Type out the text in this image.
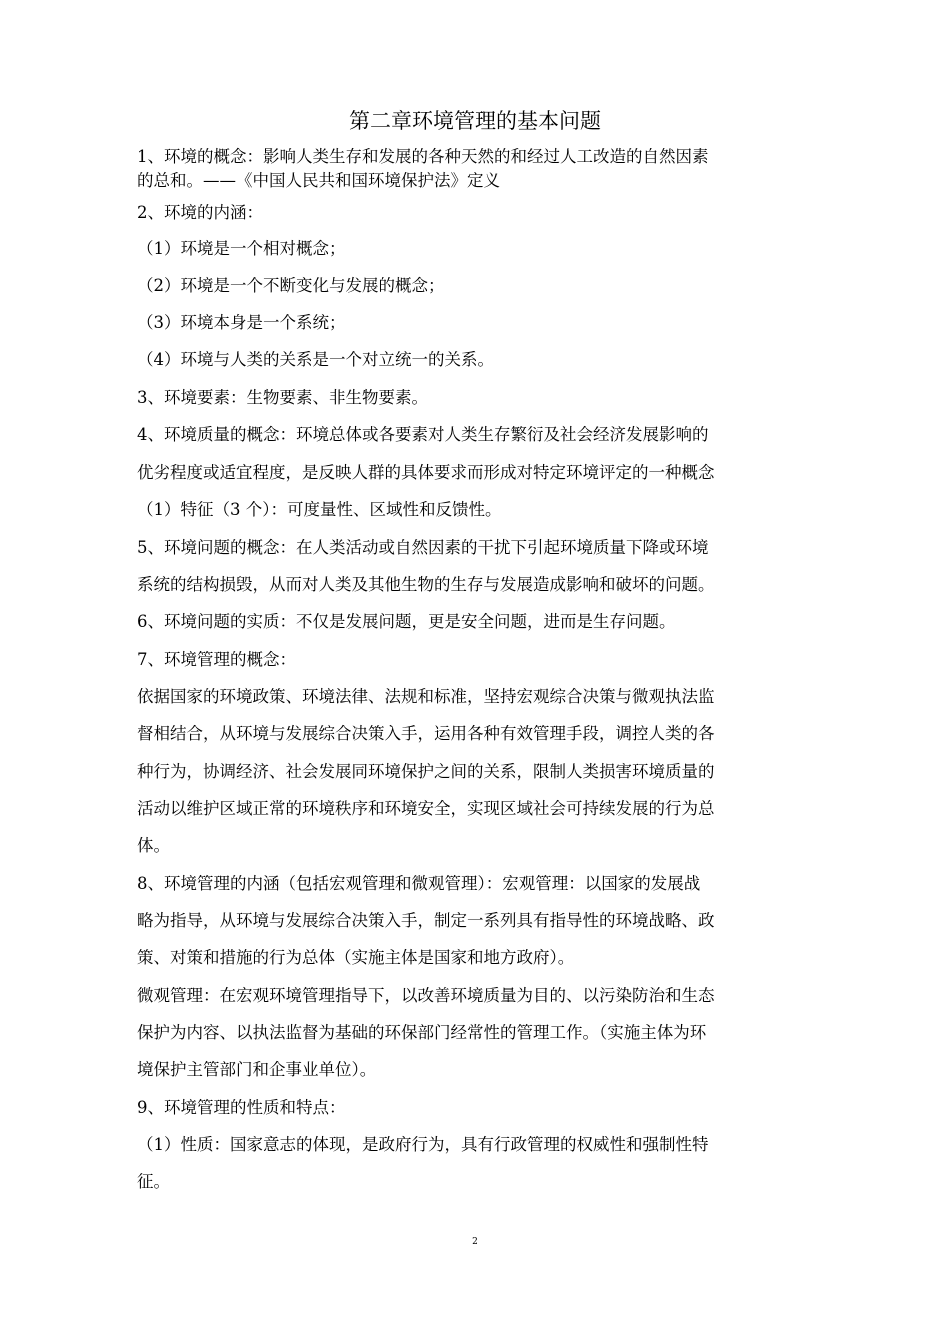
第二章环境管理的基本问题
1、环境的概念：影响人类生存和发展的各种天然的和经过人工改造的自然因素
的总和。——《中国人民共和国环境保护法》定义
2、环境的内涵：
（1）环境是一个相对概念；
（2）环境是一个不断变化与发展的概念；
（3）环境本身是一个系统；
（4）环境与人类的关系是一个对立统一的关系。
3、环境要素：生物要素、非生物要素。
4、环境质量的概念：环境总体或各要素对人类生存繁衍及社会经济发展影响的
优劣程度或适宜程度，是反映人群的具体要求而形成对特定环境评定的一种概念
（1）特征（3 个）：可度量性、区域性和反馈性。
5、环境问题的概念：在人类活动或自然因素的干扰下引起环境质量下降或环境
系统的结构损毁，从而对人类及其他生物的生存与发展造成影响和破坏的问题。
6、环境问题的实质：不仅是发展问题，更是安全问题，进而是生存问题。
7、环境管理的概念：
依据国家的环境政策、环境法律、法规和标准，坚持宏观综合决策与微观执法监
督相结合，从环境与发展综合决策入手，运用各种有效管理手段，调控人类的各
种行为，协调经济、社会发展同环境保护之间的关系，限制人类损害环境质量的
活动以维护区域正常的环境秩序和环境安全，实现区域社会可持续发展的行为总
体。
8、环境管理的内涵（包括宏观管理和微观管理）：宏观管理：以国家的发展战
略为指导，从环境与发展综合决策入手，制定一系列具有指导性的环境战略、政
策、对策和措施的行为总体（实施主体是国家和地方政府）。
微观管理：在宏观环境管理指导下，以改善环境质量为目的、以污染防治和生态
保护为内容、以执法监督为基础的环保部门经常性的管理工作。（实施主体为环
境保护主管部门和企事业单位）。
9、环境管理的性质和特点：
（1）性质：国家意志的体现，是政府行为，具有行政管理的权威性和强制性特
征。
2
